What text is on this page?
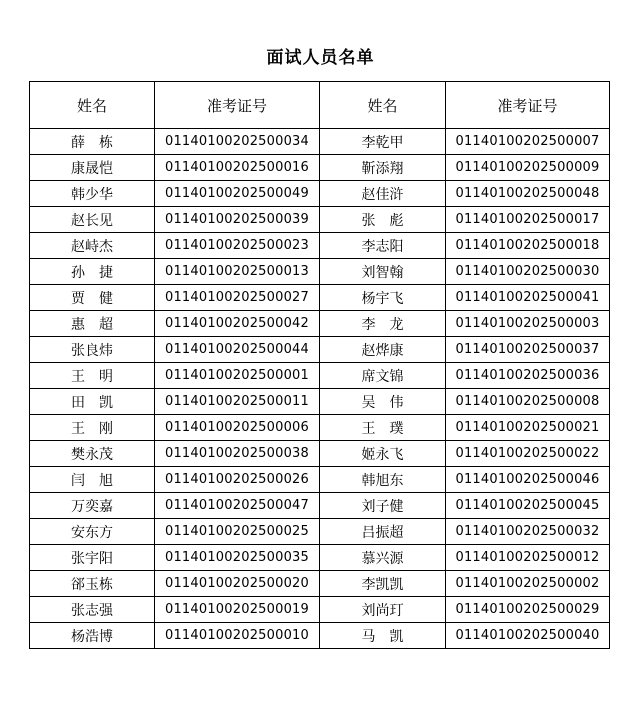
面试人员名单
姓名	准考证号	姓名	准考证号
薛　栋	01140100202500034	李乾甲	01140100202500007
康晟恺	01140100202500016	靳添翔	01140100202500009
韩少华	01140100202500049	赵佳浒	01140100202500048
赵长见	01140100202500039	张　彪	01140100202500017
赵峙杰	01140100202500023	李志阳	01140100202500018
孙　捷	01140100202500013	刘智翰	01140100202500030
贾　健	01140100202500027	杨宇飞	01140100202500041
惠　超	01140100202500042	李　龙	01140100202500003
张良炜	01140100202500044	赵烨康	01140100202500037
王　明	01140100202500001	席文锦	01140100202500036
田　凯	01140100202500011	吴　伟	01140100202500008
王　刚	01140100202500006	王　璞	01140100202500021
樊永茂	01140100202500038	姬永飞	01140100202500022
闫　旭	01140100202500026	韩旭东	01140100202500046
万奕嘉	01140100202500047	刘子健	01140100202500045
安东方	01140100202500025	吕振超	01140100202500032
张宇阳	01140100202500035	慕兴源	01140100202500012
郤玉栋	01140100202500020	李凯凯	01140100202500002
张志强	01140100202500019	刘尚玎	01140100202500029
杨浩博	01140100202500010	马　凯	01140100202500040
